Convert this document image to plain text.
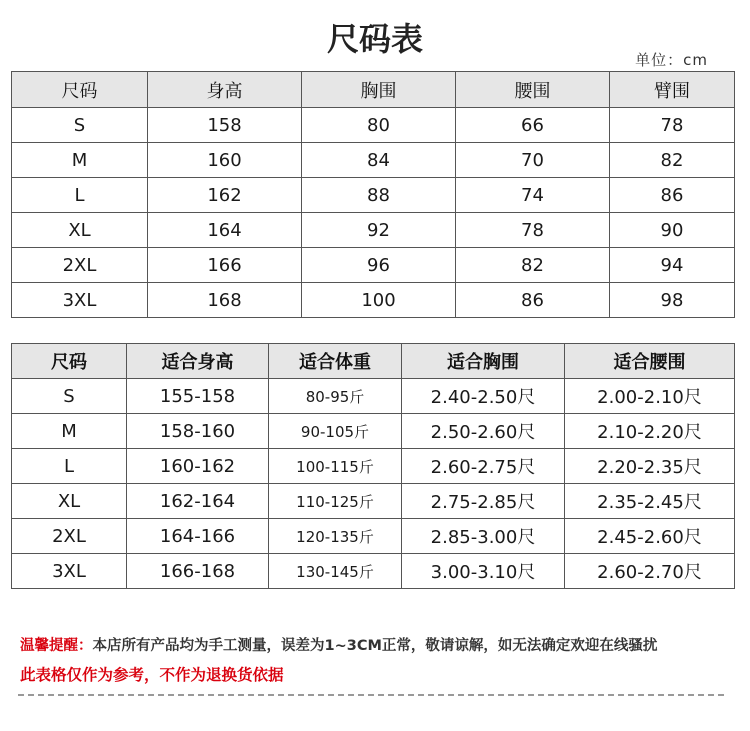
尺码表
单位：cm
尺码	身高	胸围	腰围	臂围
S	158	80	66	78
M	160	84	70	82
L	162	88	74	86
XL	164	92	78	90
2XL	166	96	82	94
3XL	168	100	86	98
尺码	适合身高	适合体重	适合胸围	适合腰围
S	155-158	80-95斤	2.40-2.50尺	2.00-2.10尺
M	158-160	90-105斤	2.50-2.60尺	2.10-2.20尺
L	160-162	100-115斤	2.60-2.75尺	2.20-2.35尺
XL	162-164	110-125斤	2.75-2.85尺	2.35-2.45尺
2XL	164-166	120-135斤	2.85-3.00尺	2.45-2.60尺
3XL	166-168	130-145斤	3.00-3.10尺	2.60-2.70尺
温馨提醒：本店所有产品均为手工测量，误差为1~3CM正常，敬请谅解，如无法确定欢迎在线骚扰
此表格仅作为参考，不作为退换货依据
